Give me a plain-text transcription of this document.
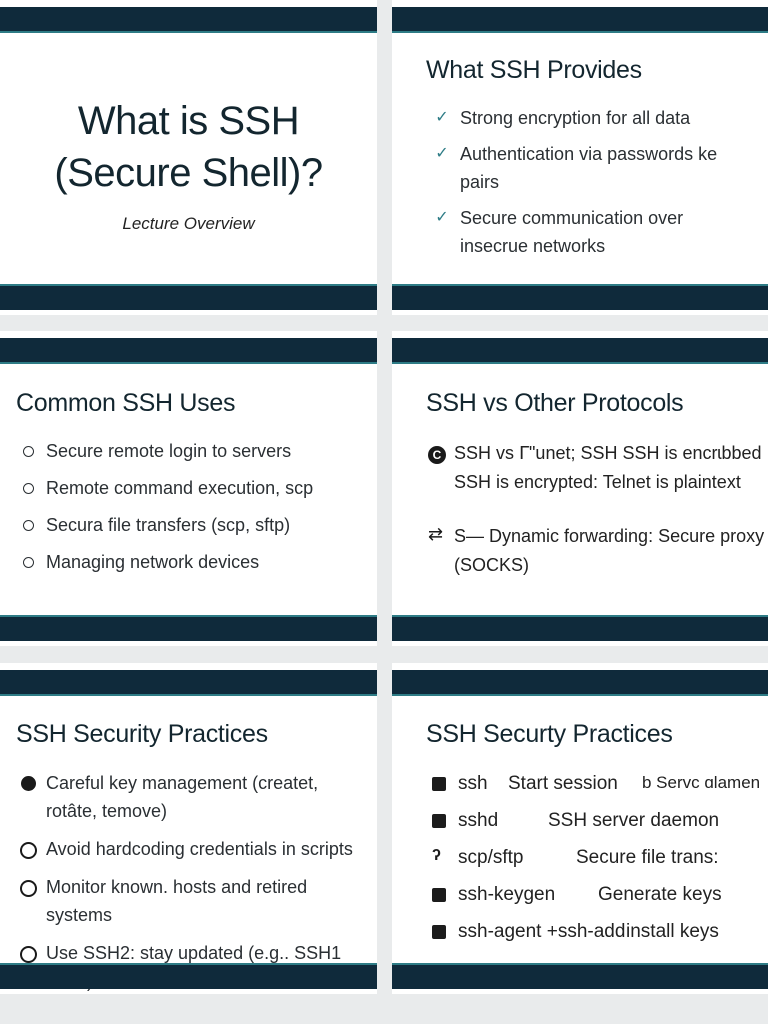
What is SSH
(Secure Shell)?
Lecture Overview
What SSH Provides
✓ Strong encryption for all data
✓ Authentication via passwords ke pairs
✓ Secure communication over insecrue networks
Common SSH Uses
Secure remote login to servers
Remote command execution, scp
Secura file transfers (scp, sftp)
Managing network devices
SSH vs Other Protocols
C SSH vs ᒥ"unet; SSH SSH is encrɩbbed
SSH is encrypted: Telnet is plaintext
⇄ S— Dynamic forwarding: Secure proxy
(SOCKS)
SSH Security Practices
Careful key management (createt, rotâte, temove)
Avoid hardcoding credentials in scripts
Monitor known. hosts and retired systems
Use SSH2: stay updated (e.g.. SSH1
SSH Securty Practices
ssh Start session b Servc ɑlamen
sshd	SSH server daemon
ʔ scp/sftp	Secure file trans:
ssh-keygen Generate keys
ssh-agent +ssh-add install keys
